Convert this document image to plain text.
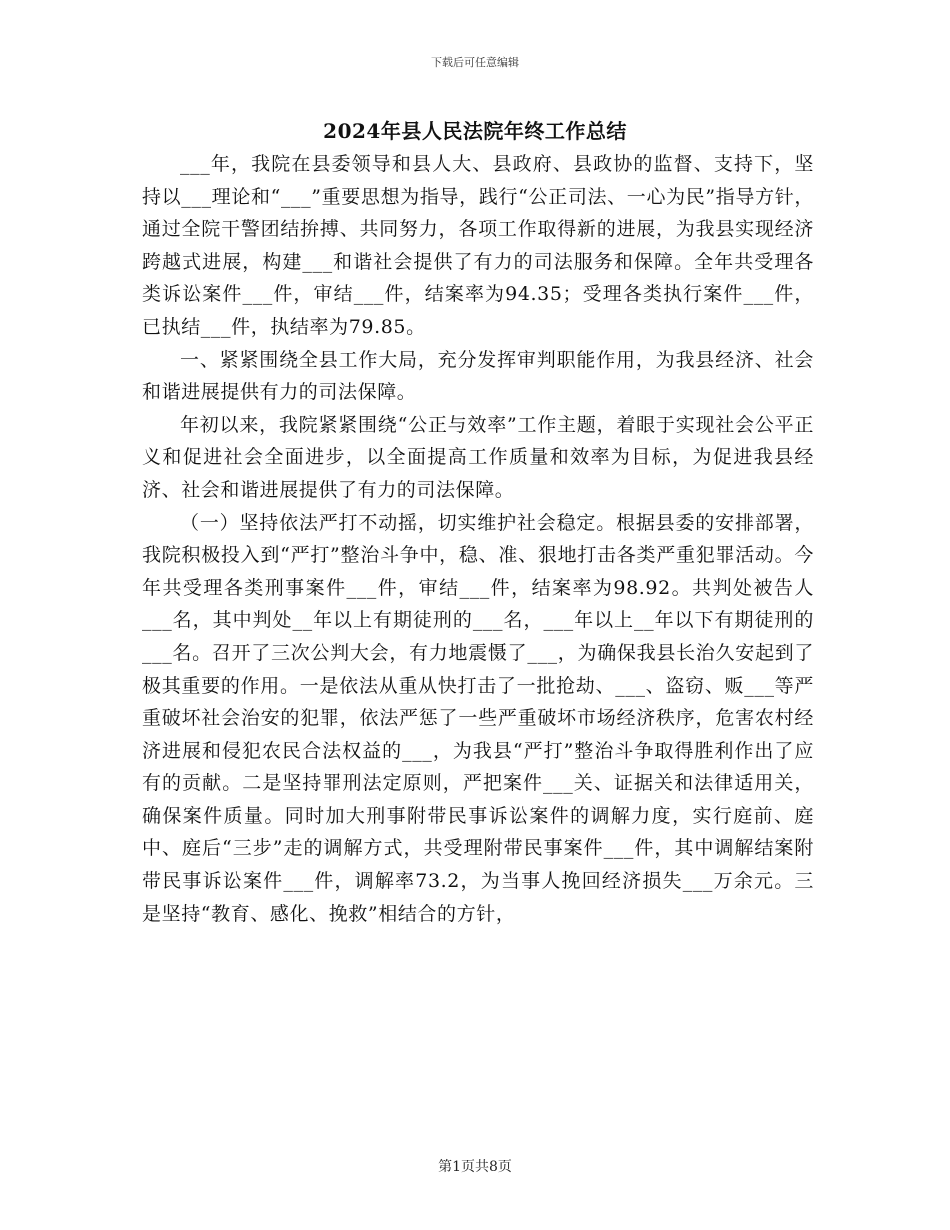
下载后可任意编辑
2024年县人民法院年终工作总结

___年，我院在县委领导和县人大、县政府、县政协的监督、支持下，坚持以___理论和“___”重要思想为指导，践行“公正司法、一心为民”指导方针，通过全院干警团结拚搏、共同努力，各项工作取得新的进展，为我县实现经济跨越式进展，构建___和谐社会提供了有力的司法服务和保障。全年共受理各类诉讼案件___件，审结___件，结案率为94.35；受理各类执行案件___件，已执结___件，执结率为79.85。

一、紧紧围绕全县工作大局，充分发挥审判职能作用，为我县经济、社会和谐进展提供有力的司法保障。

年初以来，我院紧紧围绕“公正与效率”工作主题，着眼于实现社会公平正义和促进社会全面进步，以全面提高工作质量和效率为目标，为促进我县经济、社会和谐进展提供了有力的司法保障。

（一）坚持依法严打不动摇，切实维护社会稳定。根据县委的安排部署，我院积极投入到“严打”整治斗争中，稳、准、狠地打击各类严重犯罪活动。今年共受理各类刑事案件___件，审结___件，结案率为98.92。共判处被告人___名，其中判处__年以上有期徒刑的___名，___年以上__年以下有期徒刑的___名。召开了三次公判大会，有力地震慑了___，为确保我县长治久安起到了极其重要的作用。一是依法从重从快打击了一批抢劫、___、盗窃、贩___等严重破坏社会治安的犯罪，依法严惩了一些严重破坏市场经济秩序，危害农村经济进展和侵犯农民合法权益的___，为我县“严打”整治斗争取得胜利作出了应有的贡献。二是坚持罪刑法定原则，严把案件___关、证据关和法律适用关，确保案件质量。同时加大刑事附带民事诉讼案件的调解力度，实行庭前、庭中、庭后“三步”走的调解方式，共受理附带民事案件___件，其中调解结案附带民事诉讼案件___件，调解率73.2，为当事人挽回经济损失___万余元。三是坚持“教育、感化、挽救”相结合的方针，

第1页共8页
